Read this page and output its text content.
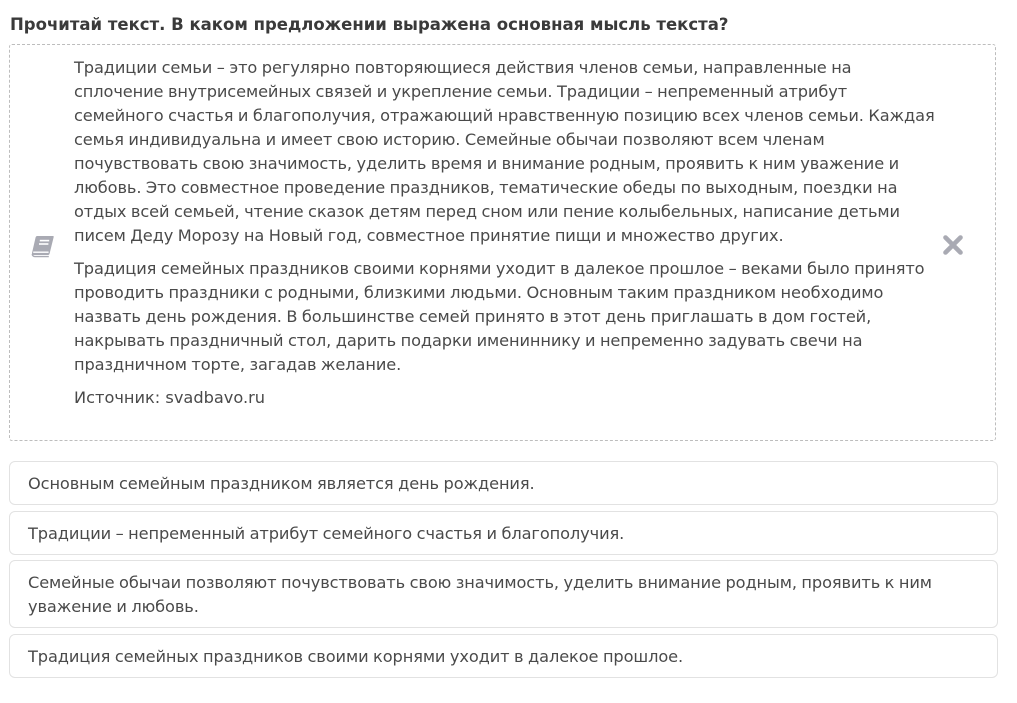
Прочитай текст. В каком предложении выражена основная мысль текста?

Традиции семьи – это регулярно повторяющиеся действия членов семьи, направленные на сплочение внутрисемейных связей и укрепление семьи. Традиции – непременный атрибут семейного счастья и благополучия, отражающий нравственную позицию всех членов семьи. Каждая семья индивидуальна и имеет свою историю. Семейные обычаи позволяют всем членам почувствовать свою значимость, уделить время и внимание родным, проявить к ним уважение и любовь. Это совместное проведение праздников, тематические обеды по выходным, поездки на отдых всей семьей, чтение сказок детям перед сном или пение колыбельных, написание детьми писем Деду Морозу на Новый год, совместное принятие пищи и множество других.

Традиция семейных праздников своими корнями уходит в далекое прошлое – веками было принято проводить праздники с родными, близкими людьми. Основным таким праздником необходимо назвать день рождения. В большинстве семей принято в этот день приглашать в дом гостей, накрывать праздничный стол, дарить подарки имениннику и непременно задувать свечи на праздничном торте, загадав желание.

Источник: svadbavo.ru

Основным семейным праздником является день рождения.
Традиции – непременный атрибут семейного счастья и благополучия.
Семейные обычаи позволяют почувствовать свою значимость, уделить внимание родным, проявить к ним уважение и любовь.
Традиция семейных праздников своими корнями уходит в далекое прошлое.
